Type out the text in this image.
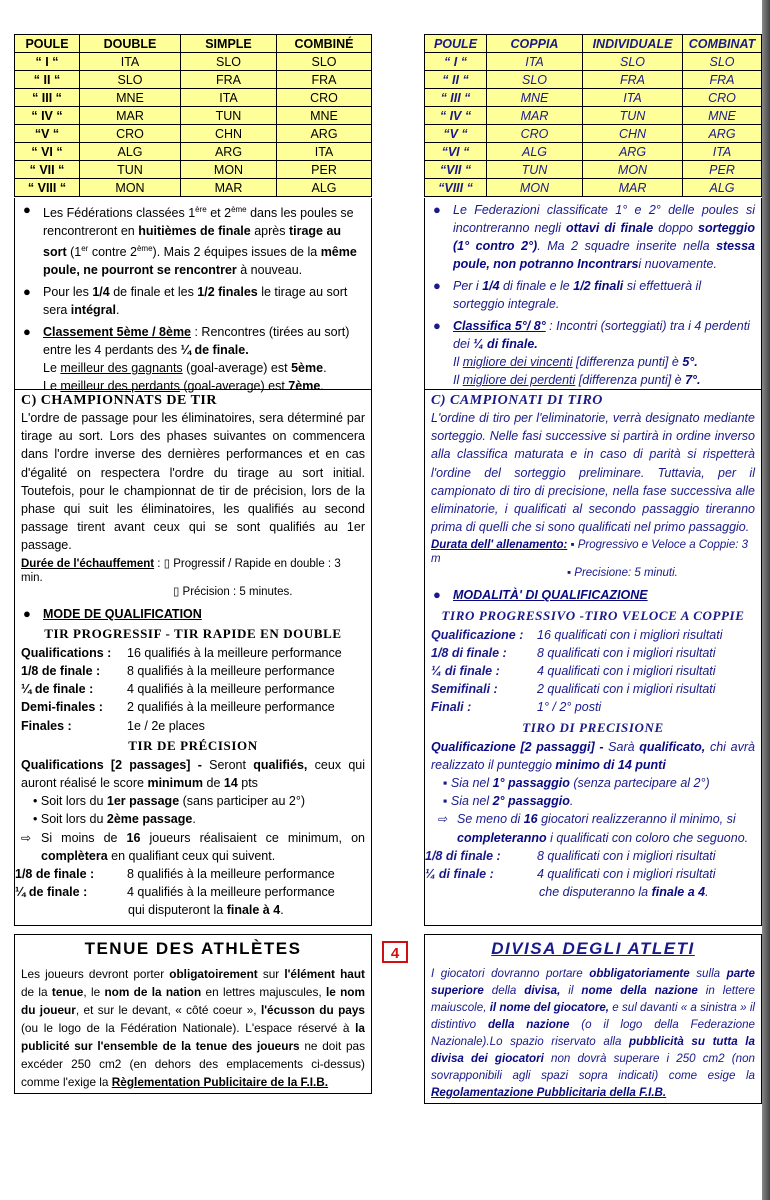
POULE	DOUBLE	SIMPLE	COMBINÉ
“ I “	ITA	SLO	SLO
“ II “	SLO	FRA	FRA
“ III “	MNE	ITA	CRO
“ IV “	MAR	TUN	MNE
“V “	CRO	CHN	ARG
“ VI “	ALG	ARG	ITA
“ VII “	TUN	MON	PER
“ VIII “	MON	MAR	ALG
● Les Fédérations classées 1ère et 2ème dans les poules se rencontreront en huitièmes de finale après tirage au sort (1er contre 2ème). Mais 2 équipes issues de la même poule, ne pourront se rencontrer à nouveau.
● Pour les 1/4 de finale et les 1/2 finales le tirage au sort sera intégral.
● Classement 5ème / 8ème : Rencontres (tirées au sort) entre les 4 perdants des ¼ de finale.
Le meilleur des gagnants (goal-average) est 5ème.
Le meilleur des perdants (goal-average) est 7ème.
C) CHAMPIONNATS DE TIR
L'ordre de passage pour les éliminatoires, sera déterminé par tirage au sort. Lors des phases suivantes on commencera dans l'ordre inverse des dernières performances et en cas d'égalité on respectera l'ordre du tirage au sort initial. Toutefois, pour le championnat de tir de précision, lors de la phase qui suit les éliminatoires, les qualifiés au second passage tirent avant ceux qui se sont qualifiés au 1er passage.
Durée de l'échauffement : ▯ Progressif / Rapide en double : 3 min.
▯ Précision : 5 minutes.
● MODE DE QUALIFICATION
TIR PROGRESSIF - TIR RAPIDE EN DOUBLE
Qualifications :	16 qualifiés à la meilleure performance
1/8 de finale :	8 qualifiés à la meilleure performance
¼ de finale :	4 qualifiés à la meilleure performance
Demi-finales :	2 qualifiés à la meilleure performance
Finales :	1e / 2e places
TIR DE PRÉCISION
Qualifications [2 passages] - Seront qualifiés, ceux qui auront réalisé le score minimum de 14 pts
• Soit lors du 1er passage (sans participer au 2°)
• Soit lors du 2ème passage.
⇨ Si moins de 16 joueurs réalisaient ce minimum, on complètera en qualifiant ceux qui suivent.
1/8 de finale :	8 qualifiés à la meilleure performance
¼ de finale :	4 qualifiés à la meilleure performance
qui disputeront la finale à 4.
TENUE DES ATHLÈTES
Les joueurs devront porter obligatoirement sur l'élément haut de la tenue, le nom de la nation en lettres majuscules, le nom du joueur, et sur le devant, « côté coeur », l'écusson du pays (ou le logo de la Fédération Nationale). L'espace réservé à la publicité sur l'ensemble de la tenue des joueurs ne doit pas excéder 250 cm2 (en dehors des emplacements ci-dessus) comme l'exige la Règlementation Publicitaire de la F.I.B.
4
POULE	COPPIA	INDIVIDUALE	COMBINAT
“ I “	ITA	SLO	SLO
“ II “	SLO	FRA	FRA
“ III “	MNE	ITA	CRO
“ IV “	MAR	TUN	MNE
“V “	CRO	CHN	ARG
“VI “	ALG	ARG	ITA
“VII “	TUN	MON	PER
“VIII “	MON	MAR	ALG
● Le Federazioni classificate 1° e 2° delle poules si incontreranno negli ottavi di finale doppo sorteggio (1° contro 2°). Ma 2 squadre inserite nella stessa poule, non potranno Incontrarsi nuovamente.
● Per i 1/4 di finale e le 1/2 finali si effettuerà il sorteggio integrale.
● Classifica 5°/ 8° : Incontri (sorteggiati) tra i 4 perdenti dei ¼ di finale.
Il migliore dei vincenti [differenza punti] è 5°.
Il migliore dei perdenti [differenza punti] è 7°.
C) CAMPIONATI DI TIRO
L'ordine di tiro per l'eliminatorie, verrà designato mediante sorteggio. Nelle fasi successive si partirà in ordine inverso alla classifica maturata e in caso di parità si rispetterà l'ordine del sorteggio preliminare. Tuttavia, per il campionato di tiro di precisione, nella fase successiva alle eliminatorie, i qualificati al secondo passaggio tireranno prima di quelli che si sono qualificati nel primo passaggio.
Durata dell' allenamento: ▪ Progressivo e Veloce a Coppie: 3 m
▪ Precisione: 5 minuti.
● MODALITÀ' DI QUALIFICAZIONE
TIRO PROGRESSIVO -TIRO VELOCE A COPPIE
Qualificazione :	16 qualificati con i migliori risultati
1/8 di finale :	8 qualificati con i migliori risultati
¼ di finale :	4 qualificati con i migliori risultati
Semifinali :	2 qualificati con i migliori risultati
Finali :	1° / 2° posti
TIRO DI PRECISIONE
Qualificazione [2 passaggi] - Sarà qualificato, chi avrà realizzato il punteggio minimo di 14 punti
▪ Sia nel 1° passaggio (senza partecipare al 2°)
▪ Sia nel 2° passaggio.
⇨ Se meno di 16 giocatori realizzeranno il minimo, si completeranno i qualificati con coloro che seguono.
1/8 di finale :	8 qualificati con i migliori risultati
¼ di finale :	4 qualificati con i migliori risultati
che disputeranno la finale a 4.
DIVISA DEGLI ATLETI
I giocatori dovranno portare obbligatoriamente sulla parte superiore della divisa, il nome della nazione in lettere maiuscole, il nome del giocatore, e sul davanti « a sinistra » il distintivo della nazione (o il logo della Federazione Nazionale).Lo spazio riservato alla pubblicità su tutta la divisa dei giocatori non dovrà superare i 250 cm2 (non sovrapponibili agli spazi sopra indicati) come esige la Regolamentazione Pubblicitaria della F.I.B.
